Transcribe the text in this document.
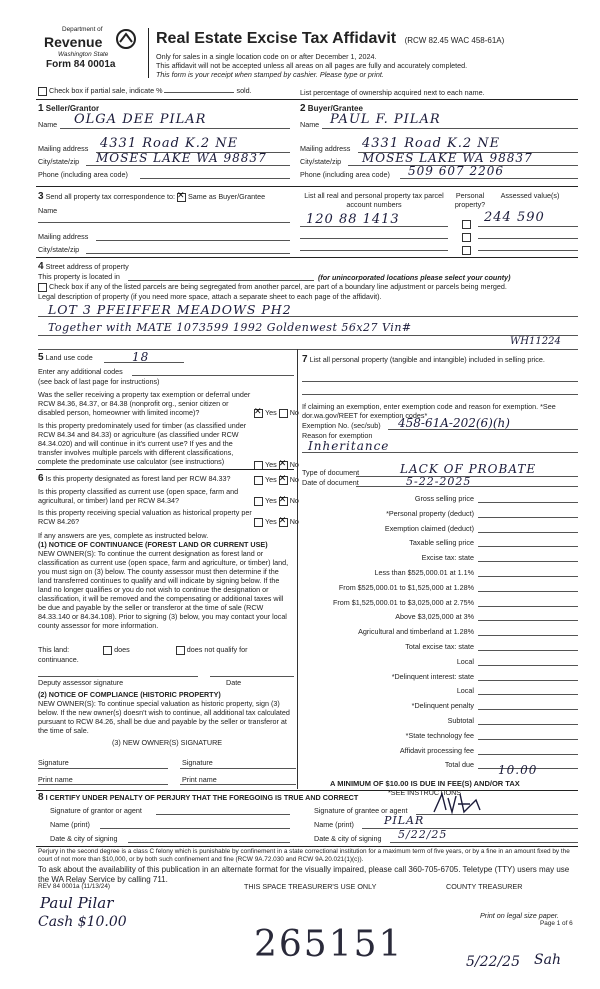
Department of
Revenue
Washington State
Form 84 0001a
Real Estate Excise Tax Affidavit (RCW 82.45 WAC 458-61A)
Only for sales in a single location code on or after December 1, 2024.
This affidavit will not be accepted unless all areas on all pages are fully and accurately completed.
This form is your receipt when stamped by cashier. Please type or print.
Check box if partial sale, indicate %	sold.	List percentage of ownership acquired next to each name.
1 Seller/Grantor
Name OLGA DEE PILAR
Mailing address 4331 Road K.2 NE
City/state/zip MOSES LAKE WA 98837
Phone (including area code)
2 Buyer/Grantee
Name PAUL F. PILAR
Mailing address 4331 Road K.2 NE
City/state/zip MOSES LAKE WA 98837
Phone (including area code) 509 607 2206
3 Send all property tax correspondence to: ✕ Same as Buyer/Grantee
Name
Mailing address
City/state/zip
List all real and personal property tax parcel account numbers
Personal property?
Assessed value(s)
120 88 1413	244 590
4 Street address of property
This property is located in	(for unincorporated locations please select your county)
Check box if any of the listed parcels are being segregated from another parcel, are part of a boundary line adjustment or parcels being merged.
Legal description of property (if you need more space, attach a separate sheet to each page of the affidavit).
LOT 3 PFEIFFER MEADOWS PH2
Together with MATE 1073599 1992 Goldenwest 56x27 Vin#
WH11224
5 Land use code	18
Enter any additional codes
(see back of last page for instructions)
Was the seller receiving a property tax exemption or deferral under RCW 84.36, 84.37, or 84.38 (nonprofit org., senior citizen or disabled person, homeowner with limited income)? ✕	Yes No
Is this property predominately used for timber (as classified under RCW 84.34 and 84.33) or agriculture (as classified under RCW 84.34.020) and will continue in it's current use? If yes and the transfer involves multiple parcels with different classifications, complete the predominate use calculator (see instructions)	Yes ✕ No
6 Is this property designated as forest land per RCW 84.33?	Yes ✕ No
Is this property classified as current use (open space, farm and agricultural, or timber) land per RCW 84.34?	Yes ✕ No
Is this property receiving special valuation as historical property per RCW 84.26?	Yes ✕ No
If any answers are yes, complete as instructed below.
(1) NOTICE OF CONTINUANCE (FOREST LAND OR CURRENT USE)
NEW OWNER(S): To continue the current designation as forest land or classification as current use (open space, farm and agriculture, or timber) land, you must sign on (3) below. The county assessor must then determine if the land transferred continues to qualify and will indicate by signing below. If the land no longer qualifies or you do not wish to continue the designation or classification, it will be removed and the compensating or additional taxes will be due and payable by the seller or transferor at the time of sale (RCW 84.33.140 or 84.34.108). Prior to signing (3) below, you may contact your local county assessor for more information.
This land:	does	does not qualify for
continuance.
Deputy assessor signature	Date
(2) NOTICE OF COMPLIANCE (HISTORIC PROPERTY)
NEW OWNER(S): To continue special valuation as historic property, sign (3) below. If the new owner(s) doesn't wish to continue, all additional tax calculated pursuant to RCW 84.26, shall be due and payable by the seller or transferor at the time of sale.
(3) NEW OWNER(S) SIGNATURE
Signature	Signature
Print name	Print name
7 List all personal property (tangible and intangible) included in selling price.
If claiming an exemption, enter exemption code and reason for exemption. *See dor.wa.gov/REET for exemption codes*
Exemption No. (sec/sub) 458-61A-202(6)(h)
Reason for exemption
Inheritance
Type of document	LACK OF PROBATE
Date of document	5-22-2025
Gross selling price
*Personal property (deduct)
Exemption claimed (deduct)
Taxable selling price
Excise tax: state
Less than $525,000.01 at 1.1%
From $525,000.01 to $1,525,000 at 1.28%
From $1,525,000.01 to $3,025,000 at 2.75%
Above $3,025,000 at 3%
Agricultural and timberland at 1.28%
Total excise tax: state
Local
*Delinquent interest: state
Local
*Delinquent penalty
Subtotal
*State technology fee
Affidavit processing fee
Total due 10.00
A MINIMUM OF $10.00 IS DUE IN FEE(S) AND/OR TAX
*SEE INSTRUCTIONS
8 I CERTIFY UNDER PENALTY OF PERJURY THAT THE FOREGOING IS TRUE AND CORRECT
Signature of grantor or agent
Name (print)
Date & city of signing
Signature of grantee or agent
Name (print)	PILAR
Date & city of signing 5/22/25
Perjury in the second degree is a class C felony which is punishable by confinement in a state correctional institution for a maximum term of five years, or by a fine in an amount fixed by the court of not more than $10,000, or by both such confinement and fine (RCW 9A.72.030 and RCW 9A.20.021(1)(c)).
To ask about the availability of this publication in an alternate format for the visually impaired, please call 360-705-6705. Teletype (TTY) users may use the WA Relay Service by calling 711.
REV 84 0001a (11/13/24)	THIS SPACE TREASURER'S USE ONLY	COUNTY TREASURER
Print on legal size paper.
Page 1 of 6
Paul Pilar
Cash $10.00
265151	5/22/25 Sah
